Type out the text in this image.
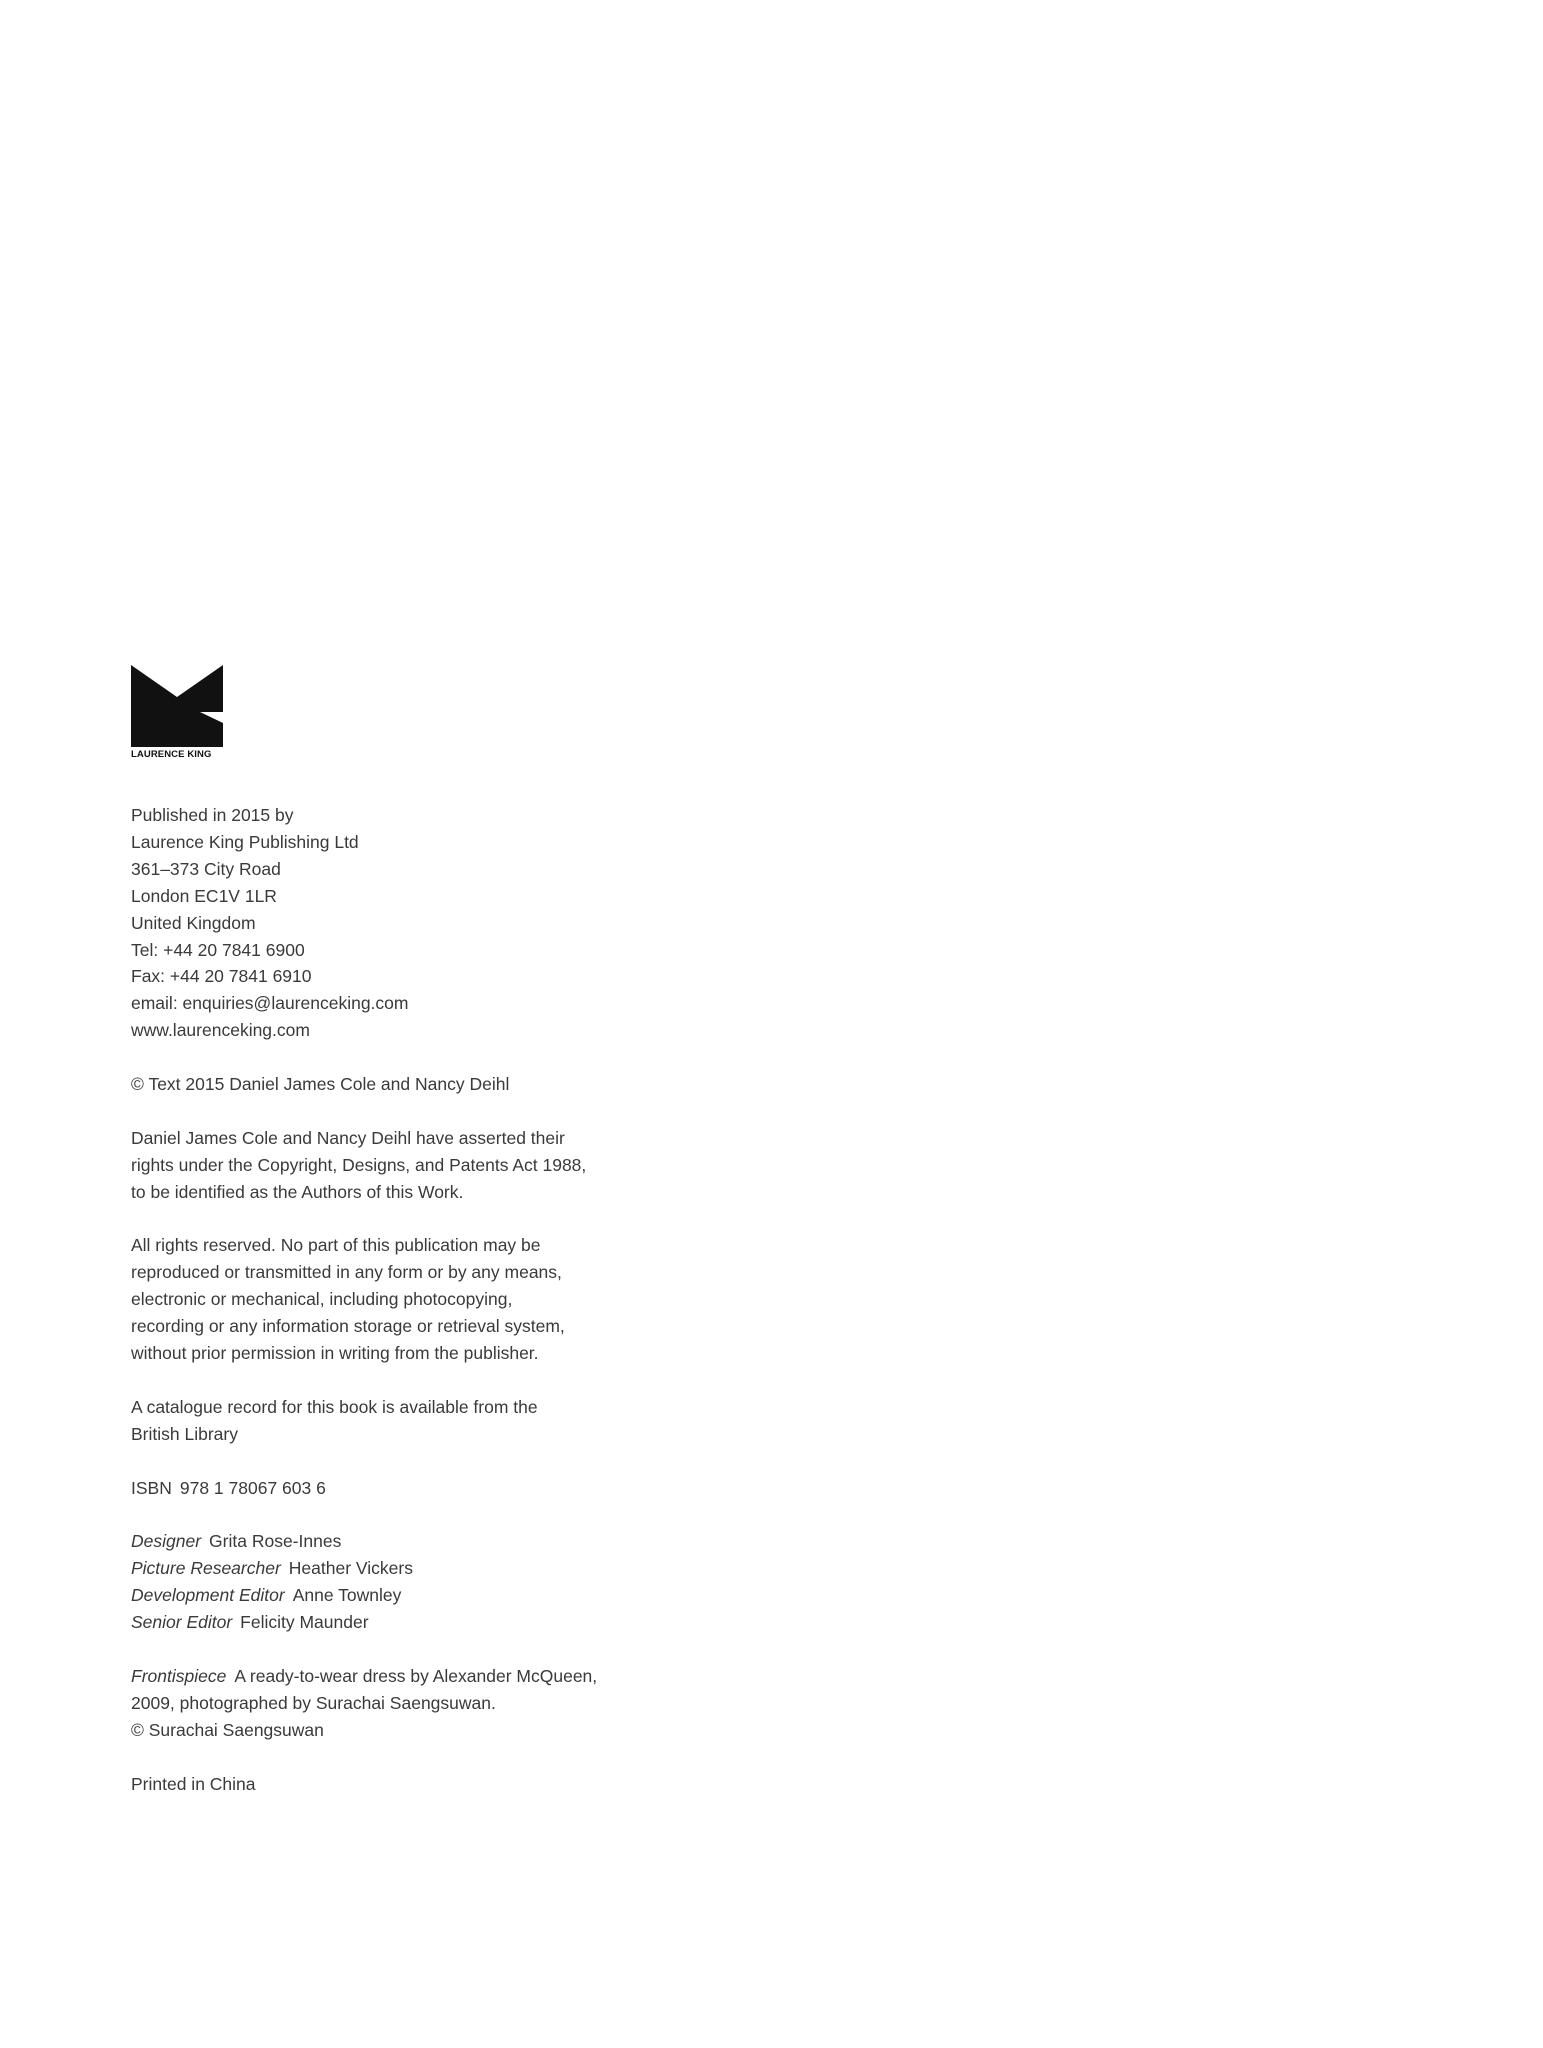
LAURENCE KING
Published in 2015 by
Laurence King Publishing Ltd
361–373 City Road
London EC1V 1LR
United Kingdom
Tel: +44 20 7841 6900
Fax: +44 20 7841 6910
email: enquiries@laurenceking.com
www.laurenceking.com
© Text 2015 Daniel James Cole and Nancy Deihl
Daniel James Cole and Nancy Deihl have asserted their
rights under the Copyright, Designs, and Patents Act 1988,
to be identified as the Authors of this Work.
All rights reserved. No part of this publication may be
reproduced or transmitted in any form or by any means,
electronic or mechanical, including photocopying,
recording or any information storage or retrieval system,
without prior permission in writing from the publisher.
A catalogue record for this book is available from the
British Library
ISBN 978 1 78067 603 6
Designer Grita Rose-Innes
Picture Researcher Heather Vickers
Development Editor Anne Townley
Senior Editor Felicity Maunder
Frontispiece A ready-to-wear dress by Alexander McQueen,
2009, photographed by Surachai Saengsuwan.
© Surachai Saengsuwan
Printed in China
